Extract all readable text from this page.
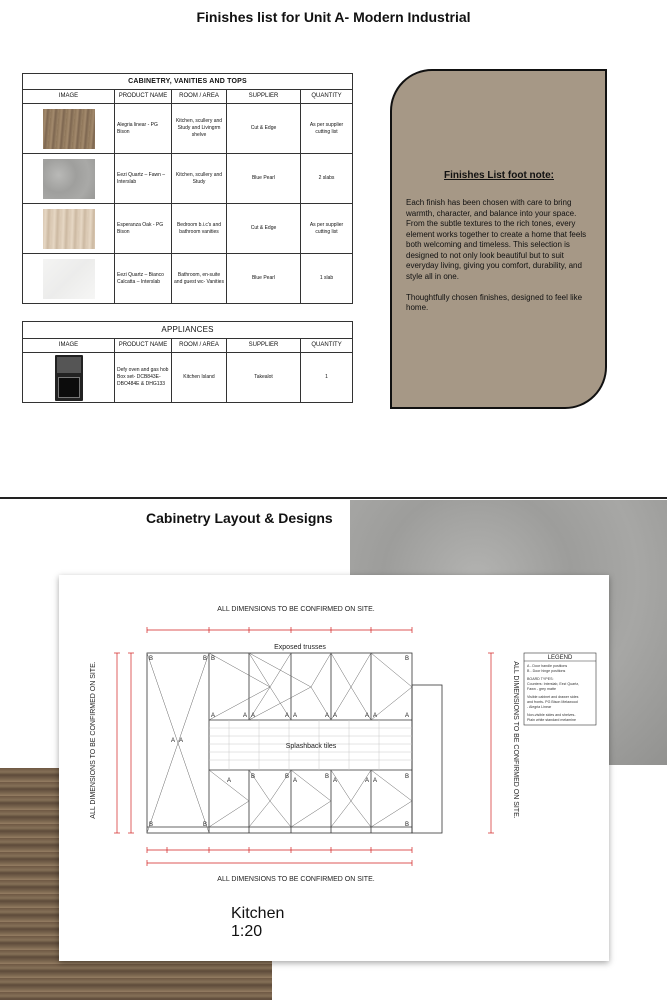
Finishes list for Unit A- Modern Industrial
CABINETRY, VANITIES AND TOPS				
IMAGE	PRODUCT NAME	ROOM / AREA	SUPPLIER	QUANTITY

	Alegria linear - PG Bison	Kitchen, scullery and Study and Livingrm shelve	Cut & Edge	As per supplier cutting list

	Eezi Quartz – Fawn – Interslab	Kitchen, scullery and Study	Blue Pearl	2 slabs

	Esperanza Oak - PG Bison	Bedroom b.i.c's and bathroom vanities	Cut & Edge	As per supplier cutting list

	Eezi Quartz – Bianco Calcatta – Interslab	Bathroom, en-suite and guest wc- Vanities	Blue Pearl	1 slab
APPLIANCES				
IMAGE	PRODUCT NAME	ROOM / AREA	SUPPLIER	QUANTITY

	Defy oven and gas hob Box set- DCB843E-DBO484E & DHG133	Kitchen Island	Takealot	1
Finishes List foot note:

Each finish has been chosen with care to bring warmth, character, and balance into your space. From the subtle textures to the rich tones, every element works together to create a home that feels both welcoming and timeless. This selection is designed to not only look beautiful but to suit everyday living, giving you comfort, durability, and style all in one.

Thoughtfully chosen finishes, designed to feel like home.

Cabinetry Layout & Designs
ALL DIMENSIONS TO BE CONFIRMED ON SITE.
ALL DIMENSIONS TO BE CONFIRMED ON SITE.
ALL DIMENSIONS TO BE CONFIRMED ON SITE.	ALL DIMENSIONS TO BE CONFIRMED ON SITE.
Exposed trusses
Splashback tiles
B
B
B
B
A A
B
A	A A	A A	A A	A A	A
B
A
B	B
A
B
A	A A
B
B
LEGEND
A - Door handle positions
B - Door hinge positions
BOARD TYPES:
Counters: Interslab, Eezi Quartz,
Fawn - grey matte
Visible cabinet and drawer sides
and fronts- PG Bison Melawood
- Alegria Linear
Non-visible sides and shelves-
Plain white standard melamine
Kitchen
1:20
